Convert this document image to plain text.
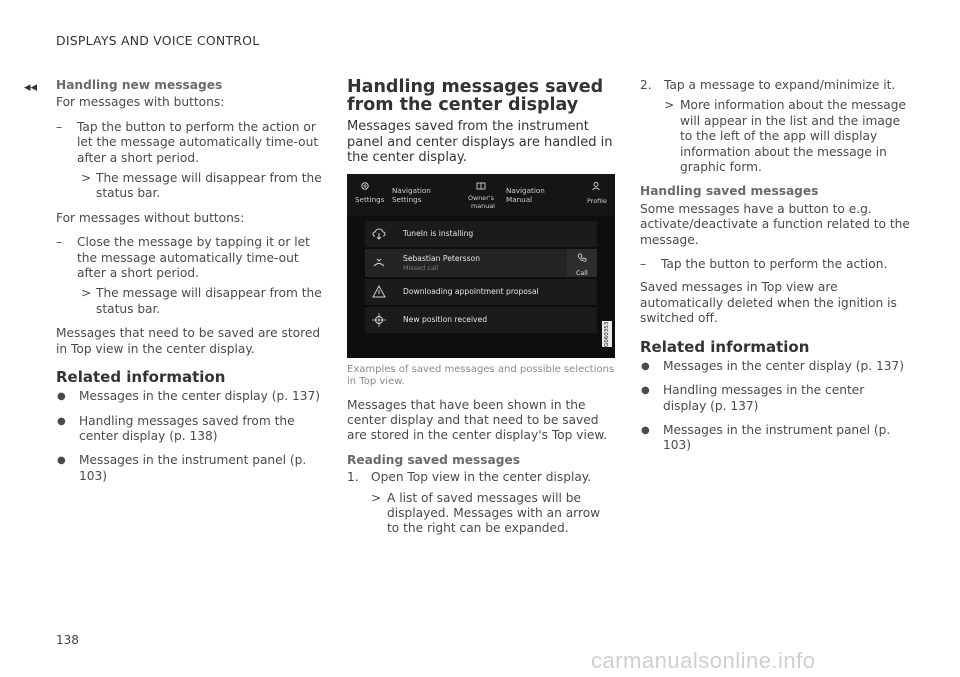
DISPLAYS AND VOICE CONTROL
◂◂ Handling new messages

For messages with buttons:

– Tap the button to perform the action or let the message automatically time-out after a short period.
> The message will disappear from the status bar.

For messages without buttons:

– Close the message by tapping it or let the message automatically time-out after a short period.
> The message will disappear from the status bar.

Messages that need to be saved are stored in Top view in the center display.

Related information
● Messages in the center display (p. 137)
● Handling messages saved from the center display (p. 138)
● Messages in the instrument panel (p. 103)
Handling messages saved from the center display
Messages saved from the instrument panel and center displays are handled in the center display.
Settings
Navigation
Settings	Owner's
manual
Navigation
Manual	Profile
TuneIn is installing
Sebastian Petersson
Missed call
Call
Downloading appointment proposal
New position received
G060353
Examples of saved messages and possible selections in Top view.

Messages that have been shown in the center display and that need to be saved are stored in the center display's Top view.

Reading saved messages
1. Open Top view in the center display.
> A list of saved messages will be displayed. Messages with an arrow to the right can be expanded.
2. Tap a message to expand/minimize it.
> More information about the message will appear in the list and the image to the left of the app will display information about the message in graphic form.
Handling saved messages

Some messages have a button to e.g. activate/deactivate a function related to the message.

– Tap the button to perform the action.

Saved messages in Top view are automatically deleted when the ignition is switched off.

Related information
● Messages in the center display (p. 137)
● Handling messages in the center display (p. 137)
● Messages in the instrument panel (p. 103)
138
carmanualsonline.info
